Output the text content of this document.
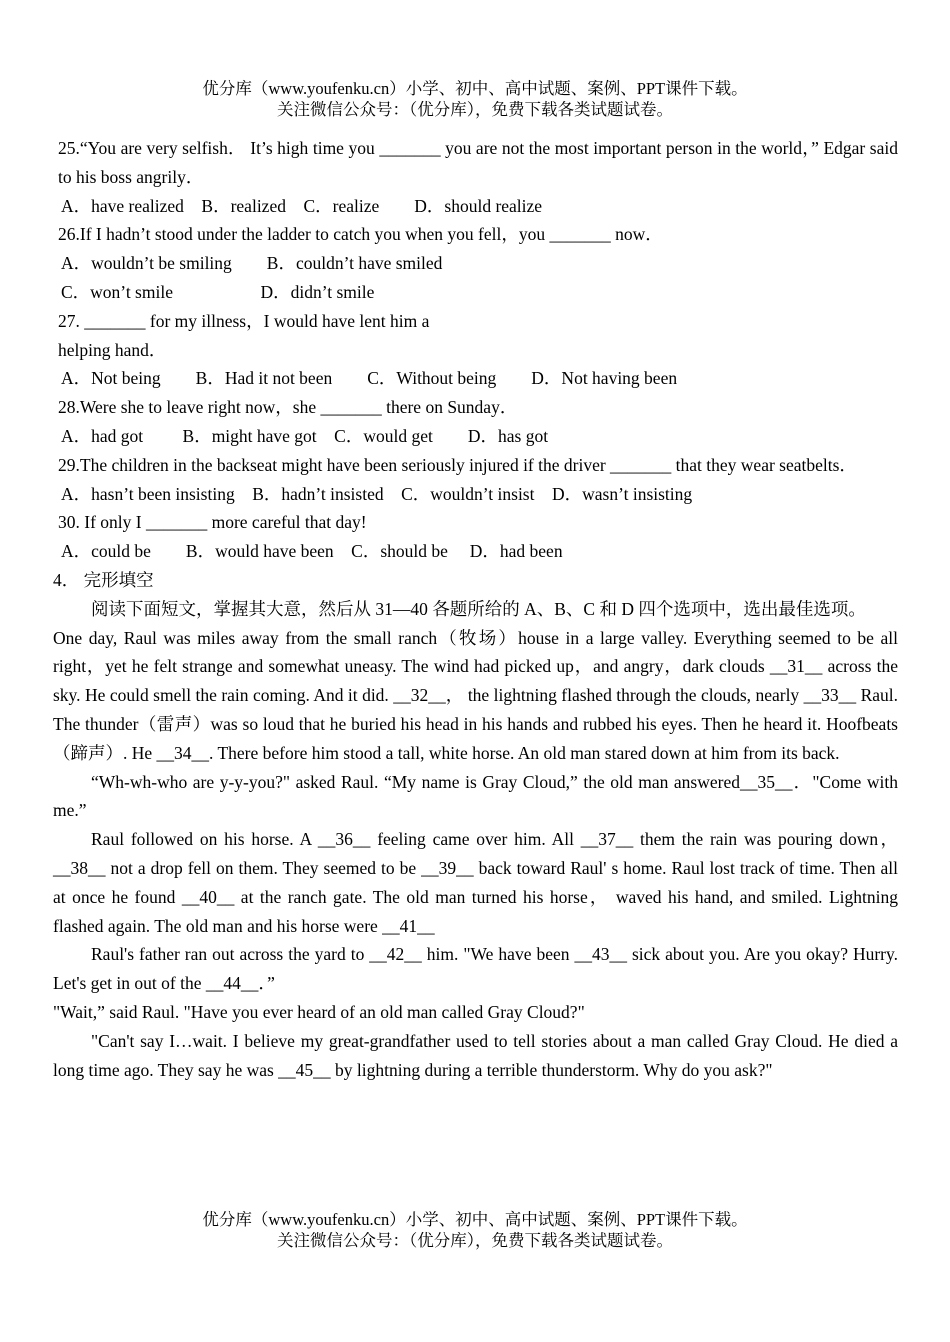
优分库（www.youfenku.cn）小学、初中、高中试题、案例、PPT课件下载。
关注微信公众号：（优分库），免费下载各类试题试卷。

25.“You are very selfish． It’s high time you _______ you are not the most important person in the world，” Edgar said to his boss angrily．

A．have realized　B．realized　C．realize　　D．should realize

26.If I hadn’t stood under the ladder to catch you when you fell，you _______ now．

A．wouldn’t be smiling　　B．couldn’t have smiled

C．won’t smile　　　　　D．didn’t smile

27. _______ for my illness，I would have lent him a

helping hand．

A．Not being　　B．Had it not been　　C．Without being　　D．Not having been

28.Were she to leave right now，she _______ there on Sunday．

A．had got　　 B．might have got　C．would get　　D．has got

29.The children in the backseat might have been seriously injured if the driver _______ that they wear seatbelts．

A．hasn’t been insisting　B．hadn’t insisted　C．wouldn’t insist　D．wasn’t insisting

30. If only I _______ more careful that day!

A．could be　　B．would have been　C．should be　 D．had been

4． 完形填空

阅读下面短文，掌握其大意，然后从 31—40 各题所给的 A、B、C 和 D 四个选项中，选出最佳选项。

One day, Raul was miles away from the small ranch（牧场）house in a large valley. Everything seemed to be all right，yet he felt strange and somewhat uneasy. The wind had picked up，and angry，dark clouds __31__ across the sky. He could smell the rain coming. And it did. __32__， the lightning flashed through the clouds, nearly __33__ Raul. The thunder（雷声）was so loud that he buried his head in his hands and rubbed his eyes. Then he heard it. Hoofbeats（蹄声）. He __34__. There before him stood a tall, white horse. An old man stared down at him from its back.

“Wh-wh-who are y-y-you?" asked Raul. “My name is Gray Cloud,” the old man answered__35__．"Come with me.”

Raul followed on his horse. A __36__ feeling came over him. All __37__ them the rain was pouring down，__38__ not a drop fell on them. They seemed to be __39__ back toward Raul' s home. Raul lost track of time. Then all at once he found __40__ at the ranch gate. The old man turned his horse， waved his hand, and smiled. Lightning flashed again. The old man and his horse were __41__

Raul's father ran out across the yard to __42__ him. "We have been __43__ sick about you. Are you okay? Hurry. Let's get in out of the __44__．”

"Wait,” said Raul. "Have you ever heard of an old man called Gray Cloud?"

"Can't say I…wait. I believe my great-grandfather used to tell stories about a man called Gray Cloud. He died a long time ago. They say he was __45__ by lightning during a terrible thunderstorm. Why do you ask?"

优分库（www.youfenku.cn）小学、初中、高中试题、案例、PPT课件下载。
关注微信公众号：（优分库），免费下载各类试题试卷。
